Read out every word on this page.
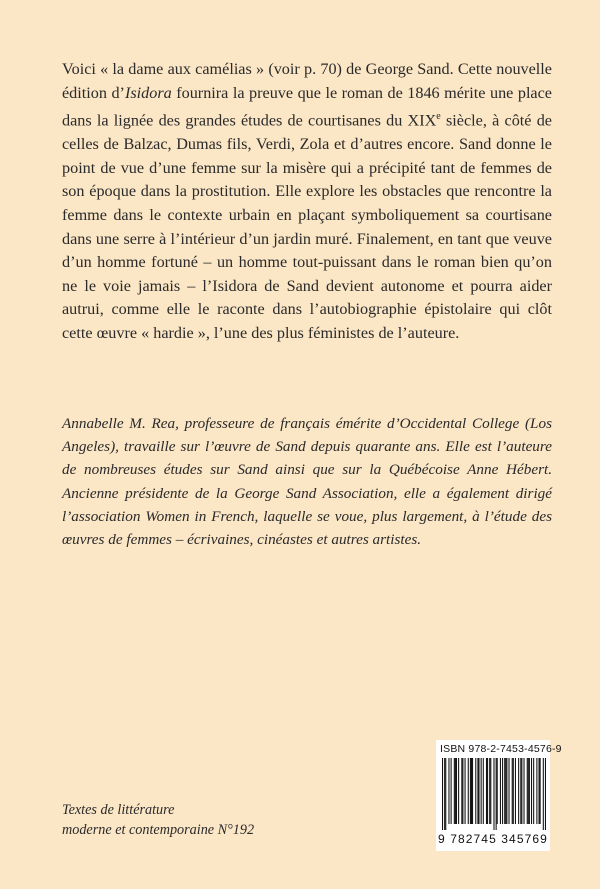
Voici « la dame aux camélias » (voir p. 70) de George Sand. Cette nouvelle édition d’Isidora fournira la preuve que le roman de 1846 mérite une place dans la lignée des grandes études de courtisanes du XIXe siècle, à côté de celles de Balzac, Dumas fils, Verdi, Zola et d’autres encore. Sand donne le point de vue d’une femme sur la misère qui a précipité tant de femmes de son époque dans la prostitution. Elle explore les obstacles que rencontre la femme dans le contexte urbain en plaçant symboliquement sa courtisane dans une serre à l’intérieur d’un jardin muré. Finalement, en tant que veuve d’un homme fortuné – un homme tout-puissant dans le roman bien qu’on ne le voie jamais – l’Isidora de Sand devient autonome et pourra aider autrui, comme elle le raconte dans l’autobiographie épistolaire qui clôt cette œuvre « hardie », l’une des plus féministes de l’auteure.

Annabelle M. Rea, professeure de français émérite d’Occidental College (Los Angeles), travaille sur l’œuvre de Sand depuis quarante ans. Elle est l’auteure de nombreuses études sur Sand ainsi que sur la Québécoise Anne Hébert. Ancienne présidente de la George Sand Association, elle a également dirigé l’association Women in French, laquelle se voue, plus largement, à l’étude des œuvres de femmes – écrivaines, cinéastes et autres artistes.

Textes de littérature
moderne et contemporaine N°192
ISBN 978-2-7453-4576-9
9 782745 345769
